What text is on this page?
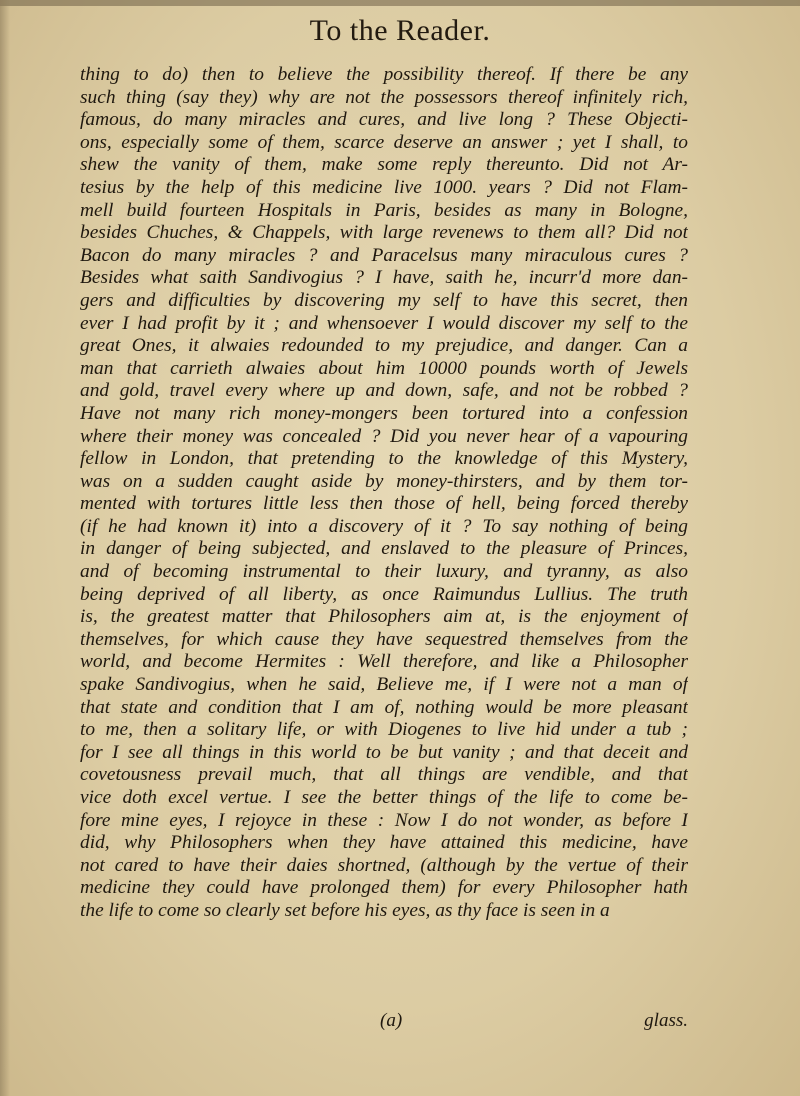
To the Reader.
thing to do) then to believe the possibility thereof. If there be any
such thing (say they) why are not the possessors thereof infinitely rich,
famous, do many miracles and cures, and live long ? These Objecti-
ons, especially some of them, scarce deserve an answer ; yet I shall, to
shew the vanity of them, make some reply thereunto. Did not Ar-
tesius by the help of this medicine live 1000. years ? Did not Flam-
mell build fourteen Hospitals in Paris, besides as many in Bologne,
besides Chuches, & Chappels, with large revenews to them all? Did not
Bacon do many miracles ? and Paracelsus many miraculous cures ?
Besides what saith Sandivogius ? I have, saith he, incurr'd more dan-
gers and difficulties by discovering my self to have this secret, then
ever I had profit by it ; and whensoever I would discover my self to the
great Ones, it alwaies redounded to my prejudice, and danger. Can a
man that carrieth alwaies about him 10000 pounds worth of Jewels
and gold, travel every where up and down, safe, and not be robbed ?
Have not many rich money-mongers been tortured into a confession
where their money was concealed ? Did you never hear of a vapouring
fellow in London, that pretending to the knowledge of this Mystery,
was on a sudden caught aside by money-thirsters, and by them tor-
mented with tortures little less then those of hell, being forced thereby
(if he had known it) into a discovery of it ? To say nothing of being
in danger of being subjected, and enslaved to the pleasure of Princes,
and of becoming instrumental to their luxury, and tyranny, as also
being deprived of all liberty, as once Raimundus Lullius. The truth
is, the greatest matter that Philosophers aim at, is the enjoyment of
themselves, for which cause they have sequestred themselves from the
world, and become Hermites : Well therefore, and like a Philosopher
spake Sandivogius, when he said, Believe me, if I were not a man of
that state and condition that I am of, nothing would be more pleasant
to me, then a solitary life, or with Diogenes to live hid under a tub ;
for I see all things in this world to be but vanity ; and that deceit and
covetousness prevail much, that all things are vendible, and that
vice doth excel vertue. I see the better things of the life to come be-
fore mine eyes, I rejoyce in these : Now I do not wonder, as before I
did, why Philosophers when they have attained this medicine, have
not cared to have their daies shortned, (although by the vertue of their
medicine they could have prolonged them) for every Philosopher hath
the life to come so clearly set before his eyes, as thy face is seen in a
(a)	glass.
